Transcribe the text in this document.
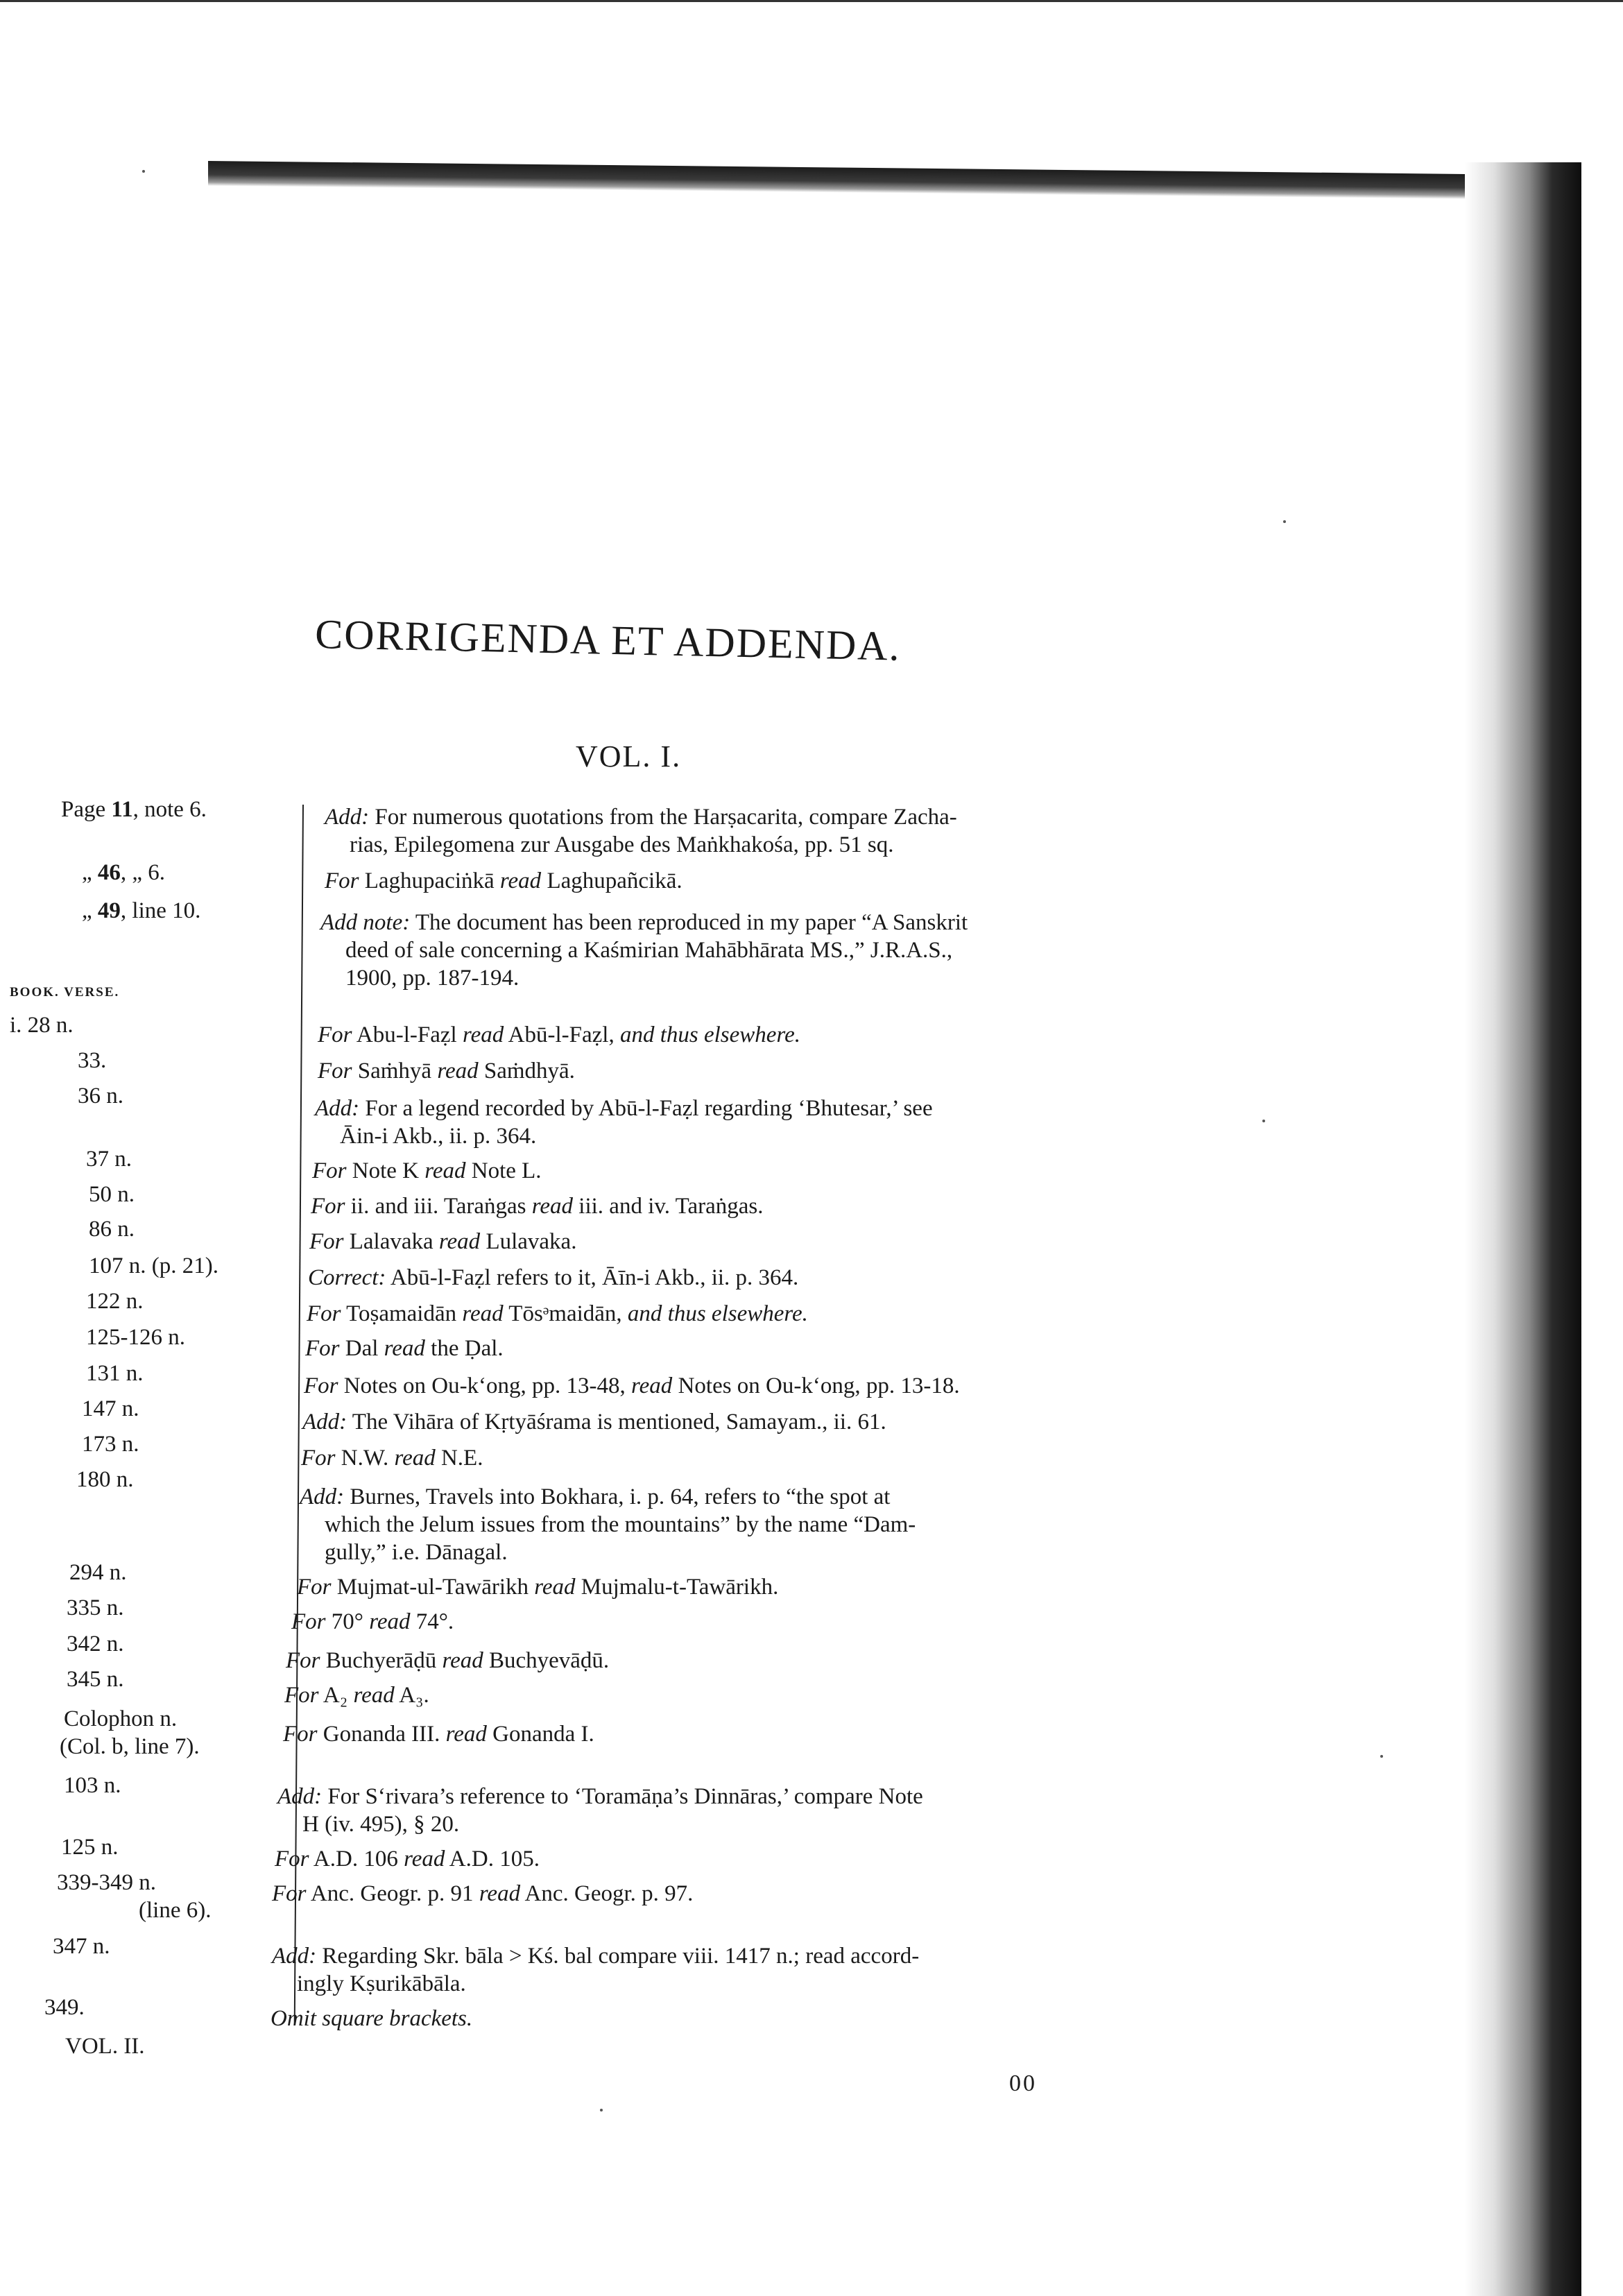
CORRIGENDA ET ADDENDA.
VOL. I.
BOOK. VERSE.
Page 11, note 6.
„ 46, „ 6.
„ 49, line 10.
i. 28 n.
33.
36 n.
37 n.
50 n.
86 n.
107 n. (p. 21).
122 n.
125-126 n.
131 n.
147 n.
173 n.
180 n.
294 n.
335 n.
342 n.
345 n.
Colophon n.
(Col. b, line 7).
103 n.
125 n.
339-349 n.
(line 6).
347 n.
349.
VOL. II.
Add: For numerous quotations from the Harṣacarita, compare Zacha-
rias, Epilegomena zur Ausgabe des Maṅkhakośa, pp. 51 sq.
For Laghupaciṅkā read Laghupañcikā.
Add note: The document has been reproduced in my paper “A Sanskrit
deed of sale concerning a Kaśmirian Mahābhārata MS.,” J.R.A.S.,
1900, pp. 187-194.
For Abu-l-Faẓl read Abū-l-Faẓl, and thus elsewhere.
For Saṁhyā read Saṁdhyā.
Add: For a legend recorded by Abū-l-Faẓl regarding ‘Bhutesar,’ see
Āin-i Akb., ii. p. 364.
For Note K read Note L.
For ii. and iii. Taraṅgas read iii. and iv. Taraṅgas.
For Lalavaka read Lulavaka.
Correct: Abū-l-Faẓl refers to it, Āīn-i Akb., ii. p. 364.
For Toṣamaidān read Tōsᵊmaidān, and thus elsewhere.
For Dal read the Ḍal.
For Notes on Ou-k‘ong, pp. 13-48, read Notes on Ou-k‘ong, pp. 13-18.
Add: The Vihāra of Kṛtyāśrama is mentioned, Samayam., ii. 61.
For N.W. read N.E.
Add: Burnes, Travels into Bokhara, i. p. 64, refers to “the spot at
which the Jelum issues from the mountains” by the name “Dam-
gully,” i.e. Dānagal.
For Mujmat-ul-Tawārikh read Mujmalu-t-Tawārikh.
For 70° read 74°.
For Buchyerāḍū read Buchyevāḍū.
For A₂ read A₃.
For Gonanda III. read Gonanda I.
Add: For S‘rivara’s reference to ‘Toramāṇa’s Dinnāras,’ compare Note
H (iv. 495), § 20.
For A.D. 106 read A.D. 105.
For Anc. Geogr. p. 91 read Anc. Geogr. p. 97.
Add: Regarding Skr. bāla > Kś. bal compare viii. 1417 n.; read accord-
ingly Kṣurikābāla.
Omit square brackets.
00
